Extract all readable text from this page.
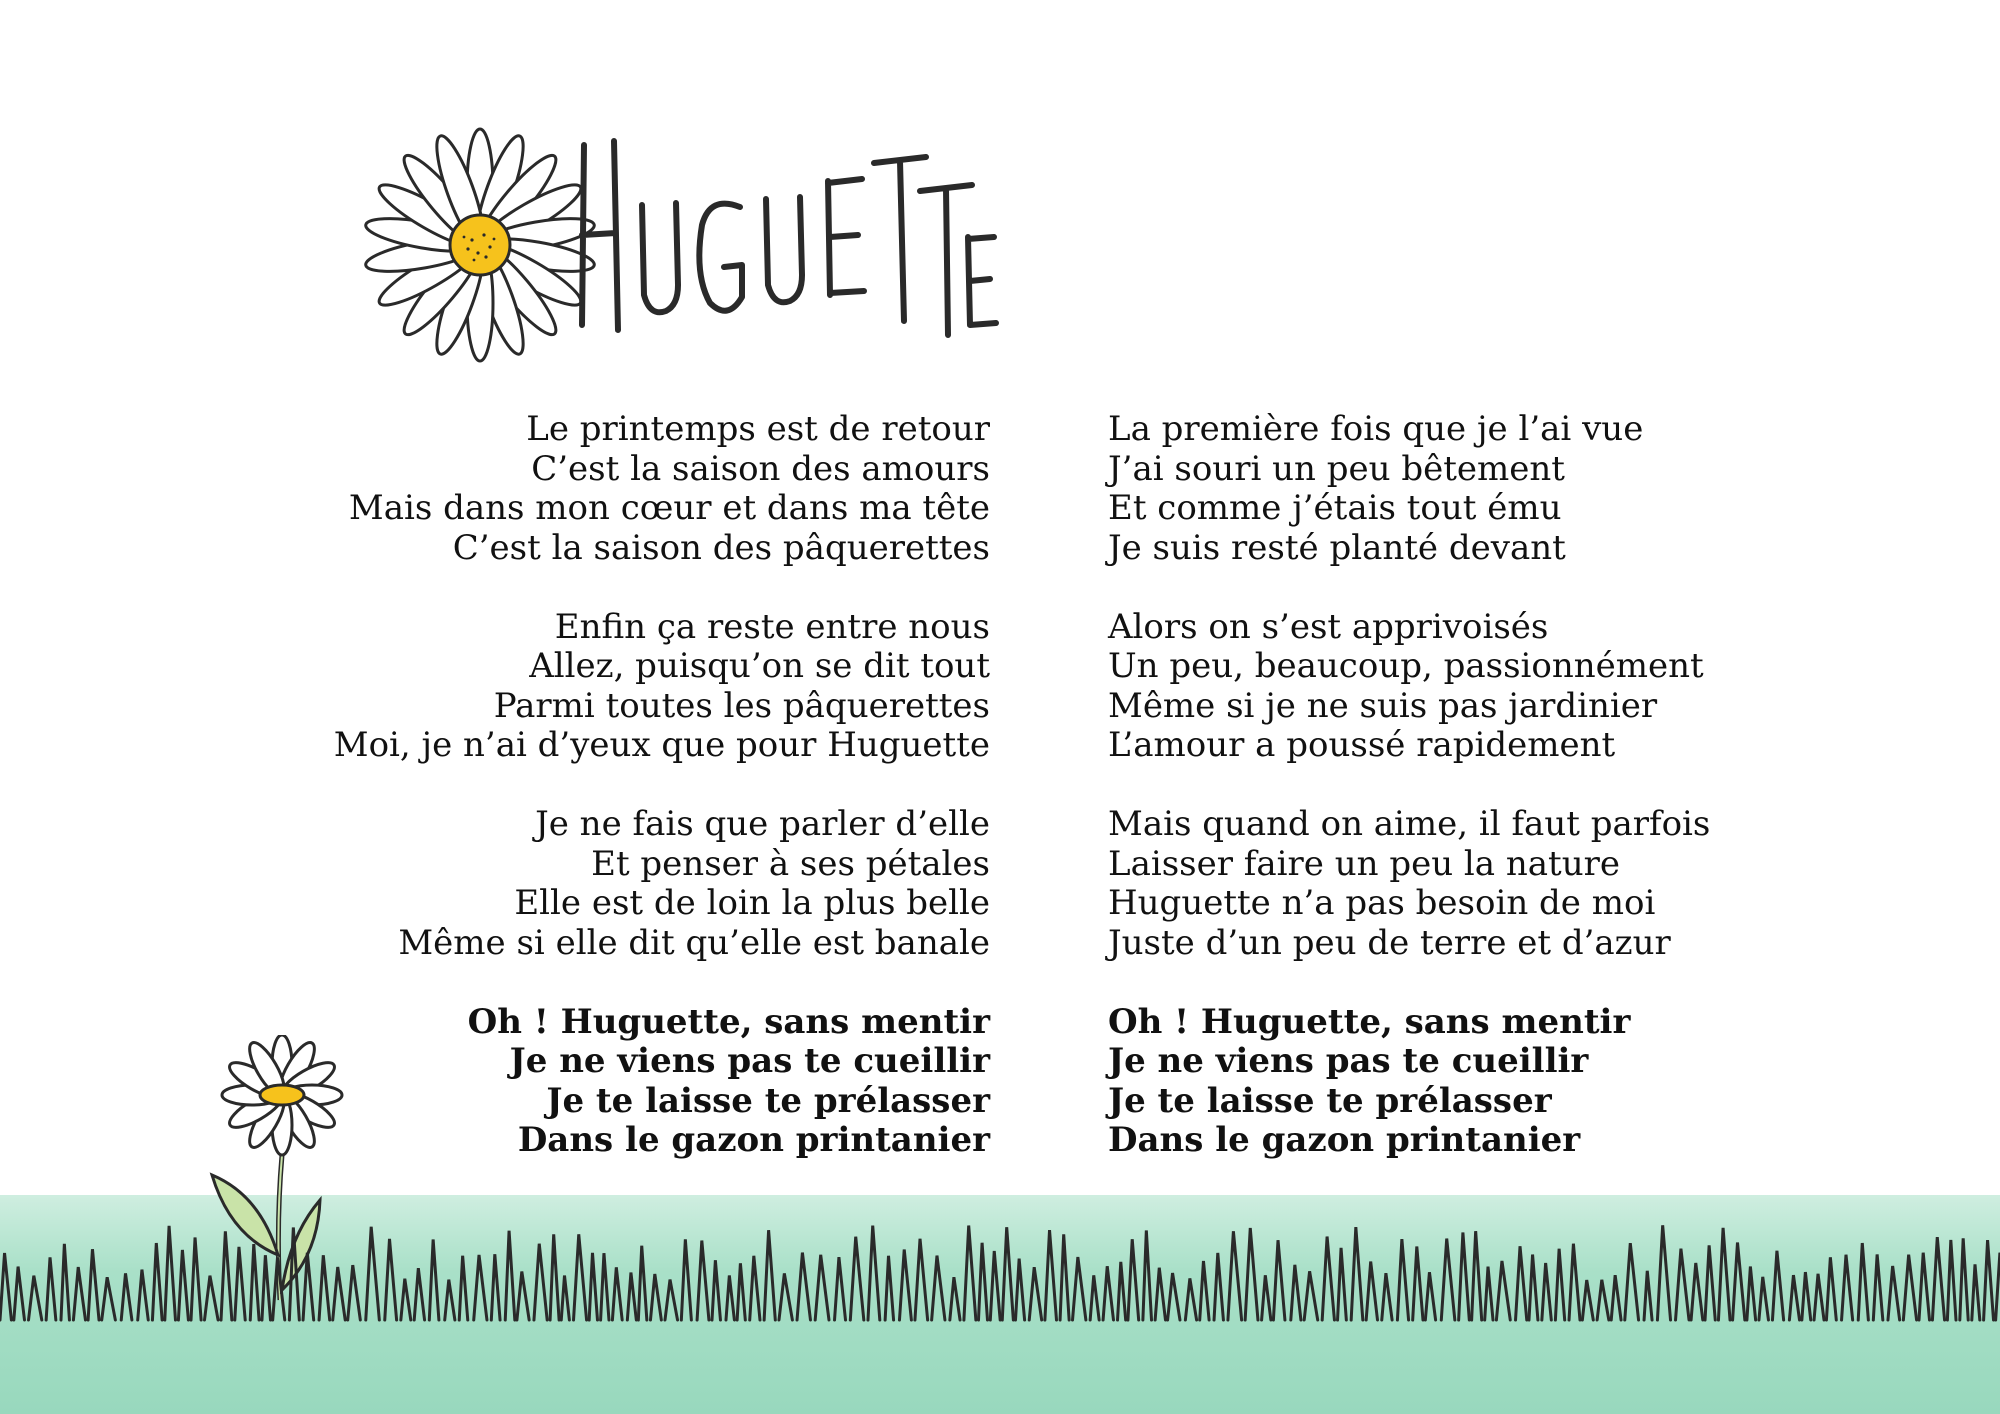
Le printemps est de retour
C’est la saison des amours
Mais dans mon cœur et dans ma tête
C’est la saison des pâquerettes
Enfin ça reste entre nous
Allez, puisqu’on se dit tout
Parmi toutes les pâquerettes
Moi, je n’ai d’yeux que pour Huguette
Je ne fais que parler d’elle
Et penser à ses pétales
Elle est de loin la plus belle
Même si elle dit qu’elle est banale
Oh ! Huguette, sans mentir
Je ne viens pas te cueillir
Je te laisse te prélasser
Dans le gazon printanier
La première fois que je l’ai vue
J’ai souri un peu bêtement
Et comme j’étais tout ému
Je suis resté planté devant
Alors on s’est apprivoisés
Un peu, beaucoup, passionnément
Même si je ne suis pas jardinier
L’amour a poussé rapidement
Mais quand on aime, il faut parfois
Laisser faire un peu la nature
Huguette n’a pas besoin de moi
Juste d’un peu de terre et d’azur
Oh ! Huguette, sans mentir
Je ne viens pas te cueillir
Je te laisse te prélasser
Dans le gazon printanier
